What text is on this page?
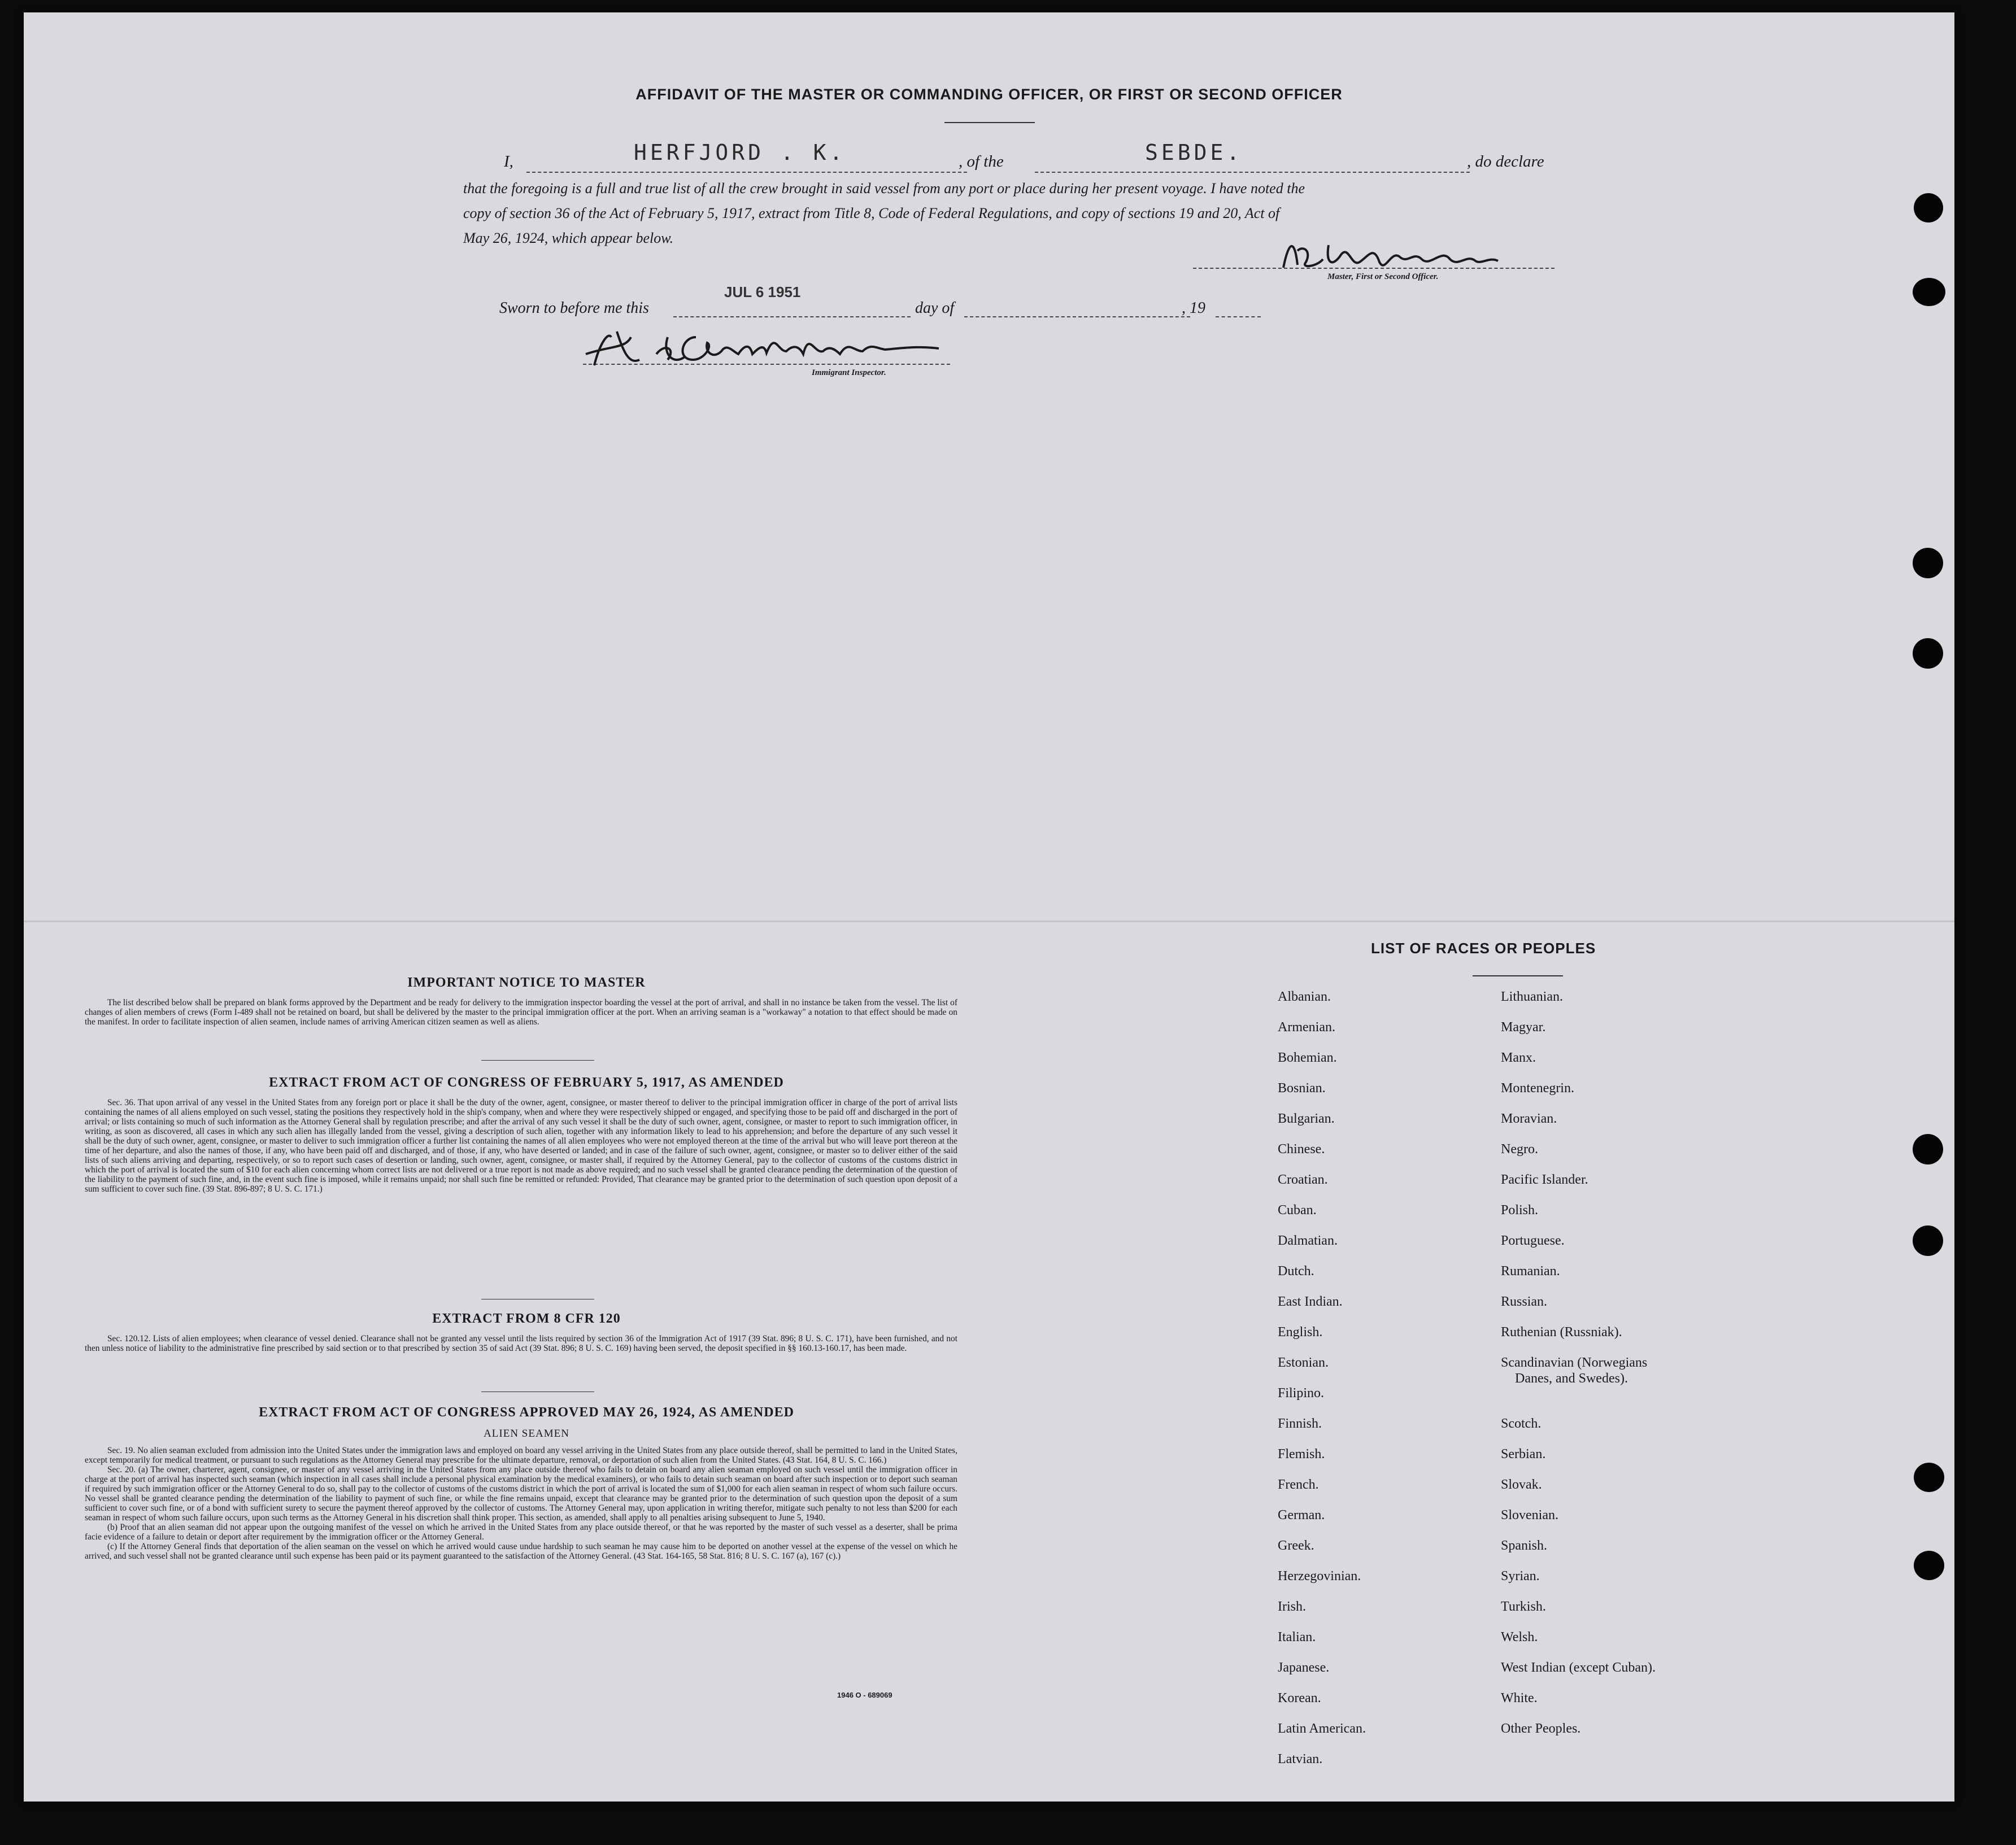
AFFIDAVIT OF THE MASTER OR COMMANDING OFFICER, OR FIRST OR SECOND OFFICER
I,	HERFJORD . K.	, of the	SEBDE.	, do declare
that the foregoing is a full and true list of all the crew brought in said vessel from any port or place during her present voyage. I have noted the
copy of section 36 of the Act of February 5, 1917, extract from Title 8, Code of Federal Regulations, and copy of sections 19 and 20, Act of
May 26, 1924, which appear below.
Master, First or Second Officer.
Sworn to before me this
JUL 6 1951
day of	, 19
Immigrant Inspector.
IMPORTANT NOTICE TO MASTER

The list described below shall be prepared on blank forms approved by the Department and be ready for delivery to the immigration inspector boarding the vessel at the port of arrival, and shall in no instance be taken from the vessel. The list of changes of alien members of crews (Form I-489 shall not be retained on board, but shall be delivered by the master to the principal immigration officer at the port. When an arriving seaman is a "workaway" a notation to that effect should be made on the manifest. In order to facilitate inspection of alien seamen, include names of arriving American citizen seamen as well as aliens.

EXTRACT FROM ACT OF CONGRESS OF FEBRUARY 5, 1917, AS AMENDED

Sec. 36. That upon arrival of any vessel in the United States from any foreign port or place it shall be the duty of the owner, agent, consignee, or master thereof to deliver to the principal immigration officer in charge of the port of arrival lists containing the names of all aliens employed on such vessel, stating the positions they respectively hold in the ship's company, when and where they were respectively shipped or engaged, and specifying those to be paid off and discharged in the port of arrival; or lists containing so much of such information as the Attorney General shall by regulation prescribe; and after the arrival of any such vessel it shall be the duty of such owner, agent, consignee, or master to report to such immigration officer, in writing, as soon as discovered, all cases in which any such alien has illegally landed from the vessel, giving a description of such alien, together with any information likely to lead to his apprehension; and before the departure of any such vessel it shall be the duty of such owner, agent, consignee, or master to deliver to such immigration officer a further list containing the names of all alien employees who were not employed thereon at the time of the arrival but who will leave port thereon at the time of her departure, and also the names of those, if any, who have been paid off and discharged, and of those, if any, who have deserted or landed; and in case of the failure of such owner, agent, consignee, or master so to deliver either of the said lists of such aliens arriving and departing, respectively, or so to report such cases of desertion or landing, such owner, agent, consignee, or master shall, if required by the Attorney General, pay to the collector of customs of the customs district in which the port of arrival is located the sum of $10 for each alien concerning whom correct lists are not delivered or a true report is not made as above required; and no such vessel shall be granted clearance pending the determination of the question of the liability to the payment of such fine, and, in the event such fine is imposed, while it remains unpaid; nor shall such fine be remitted or refunded: Provided, That clearance may be granted prior to the determination of such question upon deposit of a sum sufficient to cover such fine. (39 Stat. 896-897; 8 U. S. C. 171.)

EXTRACT FROM 8 CFR 120

Sec. 120.12. Lists of alien employees; when clearance of vessel denied. Clearance shall not be granted any vessel until the lists required by section 36 of the Immigration Act of 1917 (39 Stat. 896; 8 U. S. C. 171), have been furnished, and not then unless notice of liability to the administrative fine prescribed by said section or to that prescribed by section 35 of said Act (39 Stat. 896; 8 U. S. C. 169) having been served, the deposit specified in §§ 160.13-160.17, has been made.

EXTRACT FROM ACT OF CONGRESS APPROVED MAY 26, 1924, AS AMENDED
ALIEN SEAMEN

Sec. 19. No alien seaman excluded from admission into the United States under the immigration laws and employed on board any vessel arriving in the United States from any place outside thereof, shall be permitted to land in the United States, except temporarily for medical treatment, or pursuant to such regulations as the Attorney General may prescribe for the ultimate departure, removal, or deportation of such alien from the United States. (43 Stat. 164, 8 U. S. C. 166.)

Sec. 20. (a) The owner, charterer, agent, consignee, or master of any vessel arriving in the United States from any place outside thereof who fails to detain on board any alien seaman employed on such vessel until the immigration officer in charge at the port of arrival has inspected such seaman (which inspection in all cases shall include a personal physical examination by the medical examiners), or who fails to detain such seaman on board after such inspection or to deport such seaman if required by such immigration officer or the Attorney General to do so, shall pay to the collector of customs of the customs district in which the port of arrival is located the sum of $1,000 for each alien seaman in respect of whom such failure occurs. No vessel shall be granted clearance pending the determination of the liability to payment of such fine, or while the fine remains unpaid, except that clearance may be granted prior to the determination of such question upon the deposit of a sum sufficient to cover such fine, or of a bond with sufficient surety to secure the payment thereof approved by the collector of customs. The Attorney General may, upon application in writing therefor, mitigate such penalty to not less than $200 for each seaman in respect of whom such failure occurs, upon such terms as the Attorney General in his discretion shall think proper. This section, as amended, shall apply to all penalties arising subsequent to June 5, 1940.

(b) Proof that an alien seaman did not appear upon the outgoing manifest of the vessel on which he arrived in the United States from any place outside thereof, or that he was reported by the master of such vessel as a deserter, shall be prima facie evidence of a failure to detain or deport after requirement by the immigration officer or the Attorney General.

(c) If the Attorney General finds that deportation of the alien seaman on the vessel on which he arrived would cause undue hardship to such seaman he may cause him to be deported on another vessel at the expense of the vessel on which he arrived, and such vessel shall not be granted clearance until such expense has been paid or its payment guaranteed to the satisfaction of the Attorney General. (43 Stat. 164-165, 58 Stat. 816; 8 U. S. C. 167 (a), 167 (c).)

1946 O - 689069
LIST OF RACES OR PEOPLES
Albanian.
Armenian.
Bohemian.
Bosnian.
Bulgarian.
Chinese.
Croatian.
Cuban.
Dalmatian.
Dutch.
East Indian.
English.
Estonian.
Filipino.
Finnish.
Flemish.
French.
German.
Greek.
Herzegovinian.
Irish.
Italian.
Japanese.
Korean.
Latin American.
Latvian.
Lithuanian.
Magyar.
Manx.
Montenegrin.
Moravian.
Negro.
Pacific Islander.
Polish.
Portuguese.
Rumanian.
Russian.
Ruthenian (Russniak).
Scandinavian (Norwegians
Danes, and Swedes).
Scotch.
Serbian.
Slovak.
Slovenian.
Spanish.
Syrian.
Turkish.
Welsh.
West Indian (except Cuban).
White.
Other Peoples.
